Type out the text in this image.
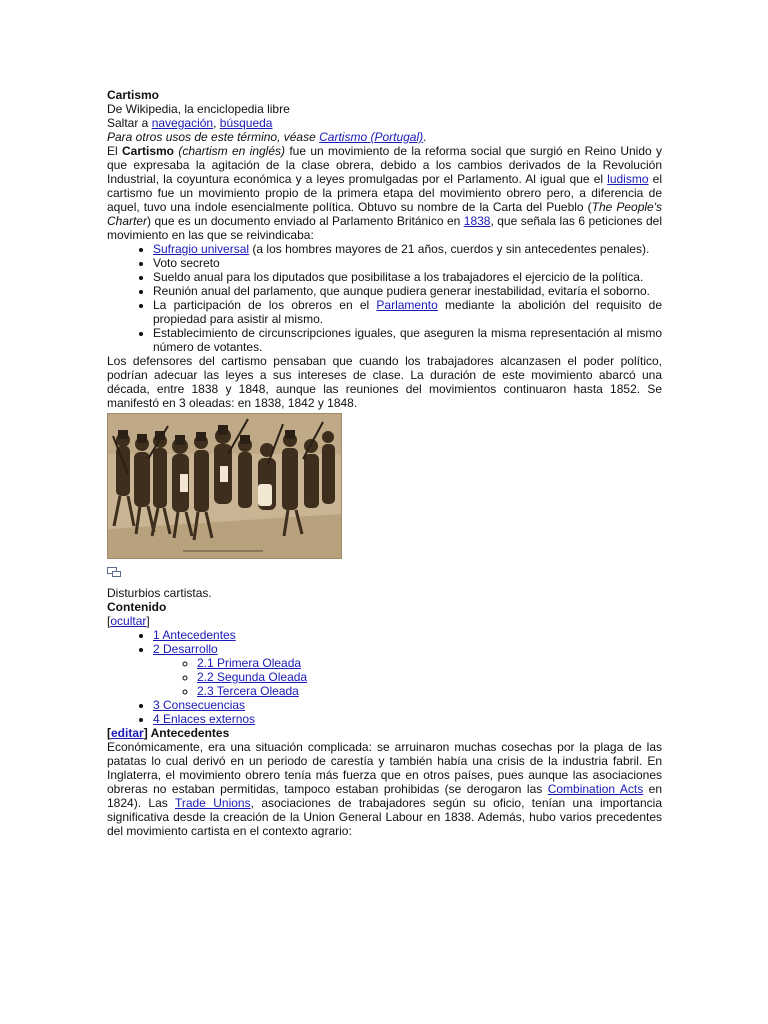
Cartismo

De Wikipedia, la enciclopedia libre

Saltar a navegación, búsqueda

Para otros usos de este término, véase Cartismo (Portugal).

El Cartismo (chartism en inglés) fue un movimiento de la reforma social que surgió en Reino Unido y que expresaba la agitación de la clase obrera, debido a los cambios derivados de la Revolución Industrial, la coyuntura económica y a leyes promulgadas por el Parlamento. Al igual que el ludismo el cartismo fue un movimiento propio de la primera etapa del movimiento obrero pero, a diferencia de aquel, tuvo una índole esencialmente política. Obtuvo su nombre de la Carta del Pueblo (The People's Charter) que es un documento enviado al Parlamento Británico en 1838, que señala las 6 peticiones del movimiento en las que se reivindicaba:

• Sufragio universal (a los hombres mayores de 21 años, cuerdos y sin antecedentes penales).
• Voto secreto
• Sueldo anual para los diputados que posibilitase a los trabajadores el ejercicio de la política.
• Reunión anual del parlamento, que aunque pudiera generar inestabilidad, evitaría el soborno.
• La participación de los obreros en el Parlamento mediante la abolición del requisito de propiedad para asistir al mismo.
• Establecimiento de circunscripciones iguales, que aseguren la misma representación al mismo número de votantes.

Los defensores del cartismo pensaban que cuando los trabajadores alcanzasen el poder político, podrían adecuar las leyes a sus intereses de clase. La duración de este movimiento abarcó una década, entre 1838 y 1848, aunque las reuniones del movimientos continuaron hasta 1852. Se manifestó en 3 oleadas: en 1838, 1842 y 1848.

Disturbios cartistas.

Contenido

[ocultar]

• 1 Antecedentes
• 2 Desarrollo
◦ 2.1 Primera Oleada
◦ 2.2 Segunda Oleada
◦ 2.3 Tercera Oleada
• 3 Consecuencias
• 4 Enlaces externos

[editar] Antecedentes

Económicamente, era una situación complicada: se arruinaron muchas cosechas por la plaga de las patatas lo cual derivó en un periodo de carestía y también había una crisis de la industria fabril. En Inglaterra, el movimiento obrero tenía más fuerza que en otros países, pues aunque las asociaciones obreras no estaban permitidas, tampoco estaban prohibidas (se derogaron las Combination Acts en 1824). Las Trade Unions, asociaciones de trabajadores según su oficio, tenían una importancia significativa desde la creación de la Union General Labour en 1838. Además, hubo varios precedentes del movimiento cartista en el contexto agrario:
